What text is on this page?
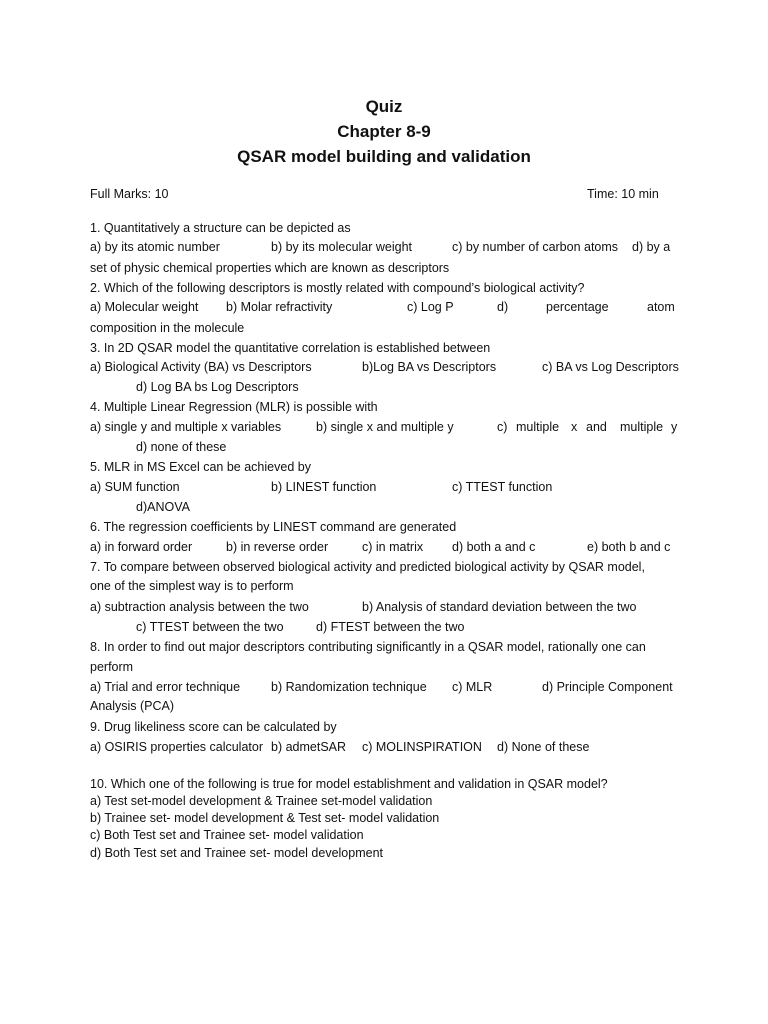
Quiz
Chapter 8-9
QSAR model building and validation
Full Marks: 10	Time: 10 min
1. Quantitatively a structure can be depicted as
a) by its atomic number	b) by its molecular weight	c) by number of carbon atoms d) by a
set of physic chemical properties which are known as descriptors
2. Which of the following descriptors is mostly related with compound’s biological activity?
a) Molecular weight b) Molar refractivity	c) Log P	d)	percentage	atom
composition in the molecule
3. In 2D QSAR model the quantitative correlation is established between
a) Biological Activity (BA) vs Descriptors	b)Log BA vs Descriptors	c) BA vs Log Descriptors
d) Log BA bs Log Descriptors
4. Multiple Linear Regression (MLR) is possible with
a) single y and multiple x variables	b) single x and multiple y	c) multiple x and multiple y
d) none of these
5. MLR in MS Excel can be achieved by
a) SUM function	b) LINEST function	c) TTEST function
d)ANOVA
6. The regression coefficients by LINEST command are generated
a) in forward order	b) in reverse order	c) in matrix d) both a and c	e) both b and c
7. To compare between observed biological activity and predicted biological activity by QSAR model,
one of the simplest way is to perform
a) subtraction analysis between the two	b) Analysis of standard deviation between the two
c) TTEST between the two	d) FTEST between the two
8. In order to find out major descriptors contributing significantly in a QSAR model, rationally one can
perform
a) Trial and error technique b) Randomization technique c) MLR	d) Principle Component
Analysis (PCA)
9. Drug likeliness score can be calculated by
a) OSIRIS properties calculator b) admetSAR c) MOLINSPIRATION d) None of these
10. Which one of the following is true for model establishment and validation in QSAR model?
a) Test set-model development & Trainee set-model validation
b) Trainee set- model development & Test set- model validation
c) Both Test set and Trainee set- model validation
d) Both Test set and Trainee set- model development
